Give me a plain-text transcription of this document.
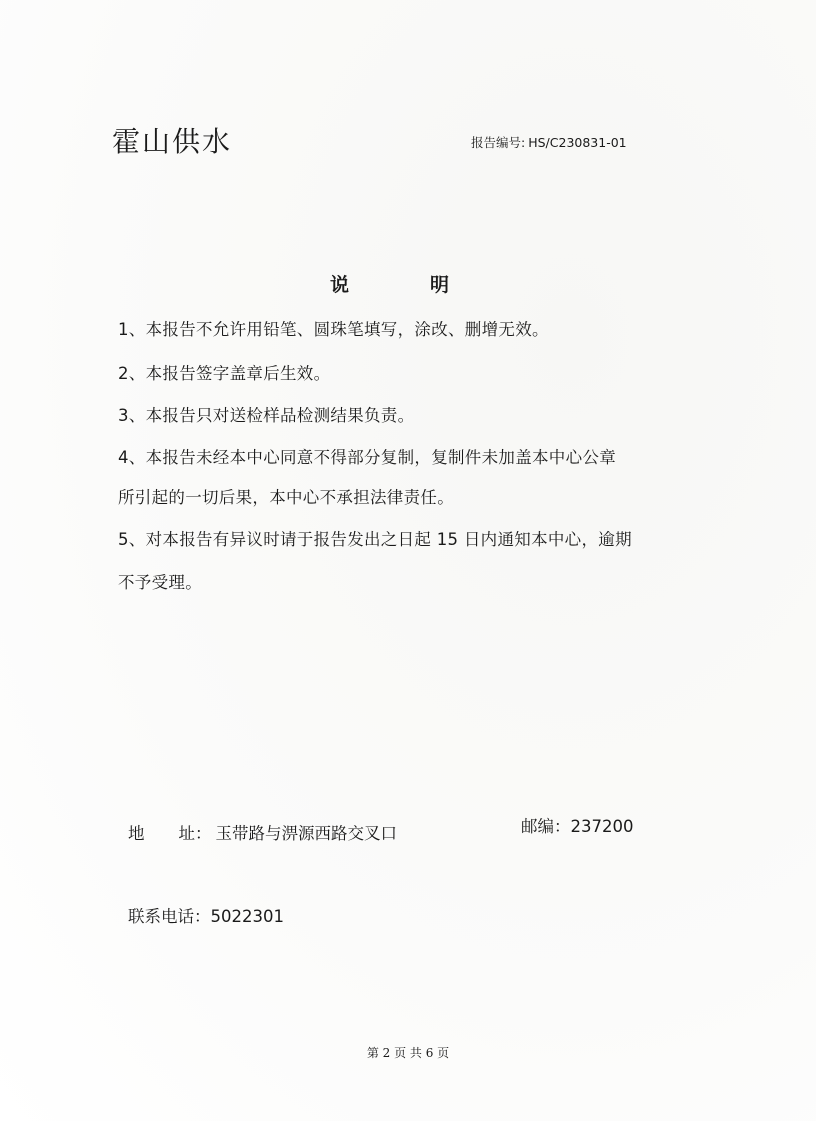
霍山供水	报告编号: HS/C230831-01
说	明
1、本报告不允许用铅笔、圆珠笔填写，涂改、删增无效。
2、本报告签字盖章后生效。
3、本报告只对送检样品检测结果负责。
4、本报告未经本中心同意不得部分复制，复制件未加盖本中心公章
所引起的一切后果，本中心不承担法律责任。
5、对本报告有异议时请于报告发出之日起 15 日内通知本中心，逾期
不予受理。
地 址： 玉带路与淠源西路交叉口	邮编：237200
联系电话：5022301
第 2 页 共 6 页
